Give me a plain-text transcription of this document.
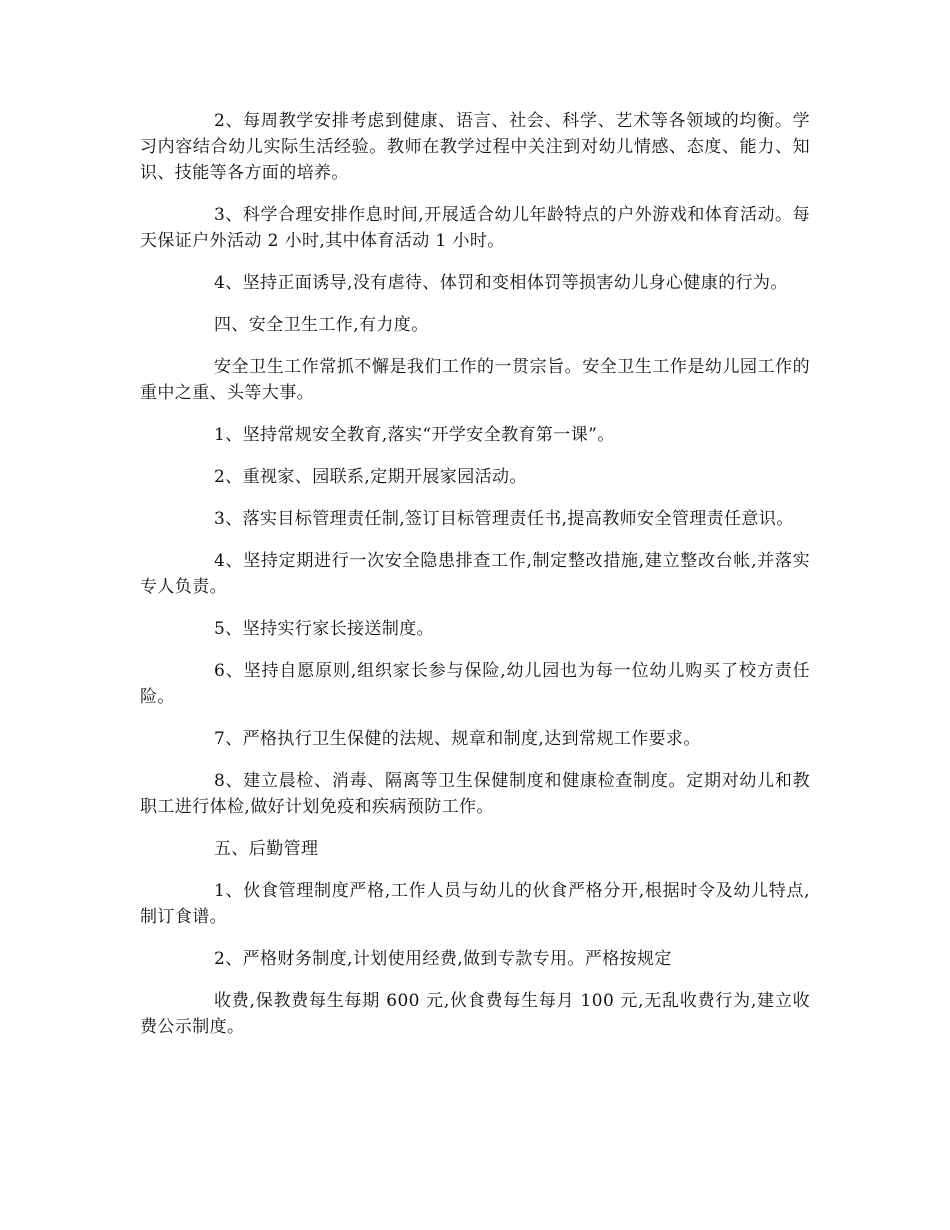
2、每周教学安排考虑到健康、语言、社会、科学、艺术等各领域的均衡。学习内容结合幼儿实际生活经验。教师在教学过程中关注到对幼儿情感、态度、能力、知识、技能等各方面的培养。

3、科学合理安排作息时间,开展适合幼儿年龄特点的户外游戏和体育活动。每天保证户外活动 2 小时,其中体育活动 1 小时。

4、坚持正面诱导,没有虐待、体罚和变相体罚等损害幼儿身心健康的行为。

四、安全卫生工作,有力度。

安全卫生工作常抓不懈是我们工作的一贯宗旨。安全卫生工作是幼儿园工作的重中之重、头等大事。

1、坚持常规安全教育,落实“开学安全教育第一课”。

2、重视家、园联系,定期开展家园活动。

3、落实目标管理责任制,签订目标管理责任书,提高教师安全管理责任意识。

4、坚持定期进行一次安全隐患排查工作,制定整改措施,建立整改台帐,并落实专人负责。

5、坚持实行家长接送制度。

6、坚持自愿原则,组织家长参与保险,幼儿园也为每一位幼儿购买了校方责任险。

7、严格执行卫生保健的法规、规章和制度,达到常规工作要求。

8、建立晨检、消毒、隔离等卫生保健制度和健康检查制度。定期对幼儿和教职工进行体检,做好计划免疫和疾病预防工作。

五、后勤管理

1、伙食管理制度严格,工作人员与幼儿的伙食严格分开,根据时令及幼儿特点,制订食谱。

2、严格财务制度,计划使用经费,做到专款专用。严格按规定

收费,保教费每生每期 600 元,伙食费每生每月 100 元,无乱收费行为,建立收费公示制度。
